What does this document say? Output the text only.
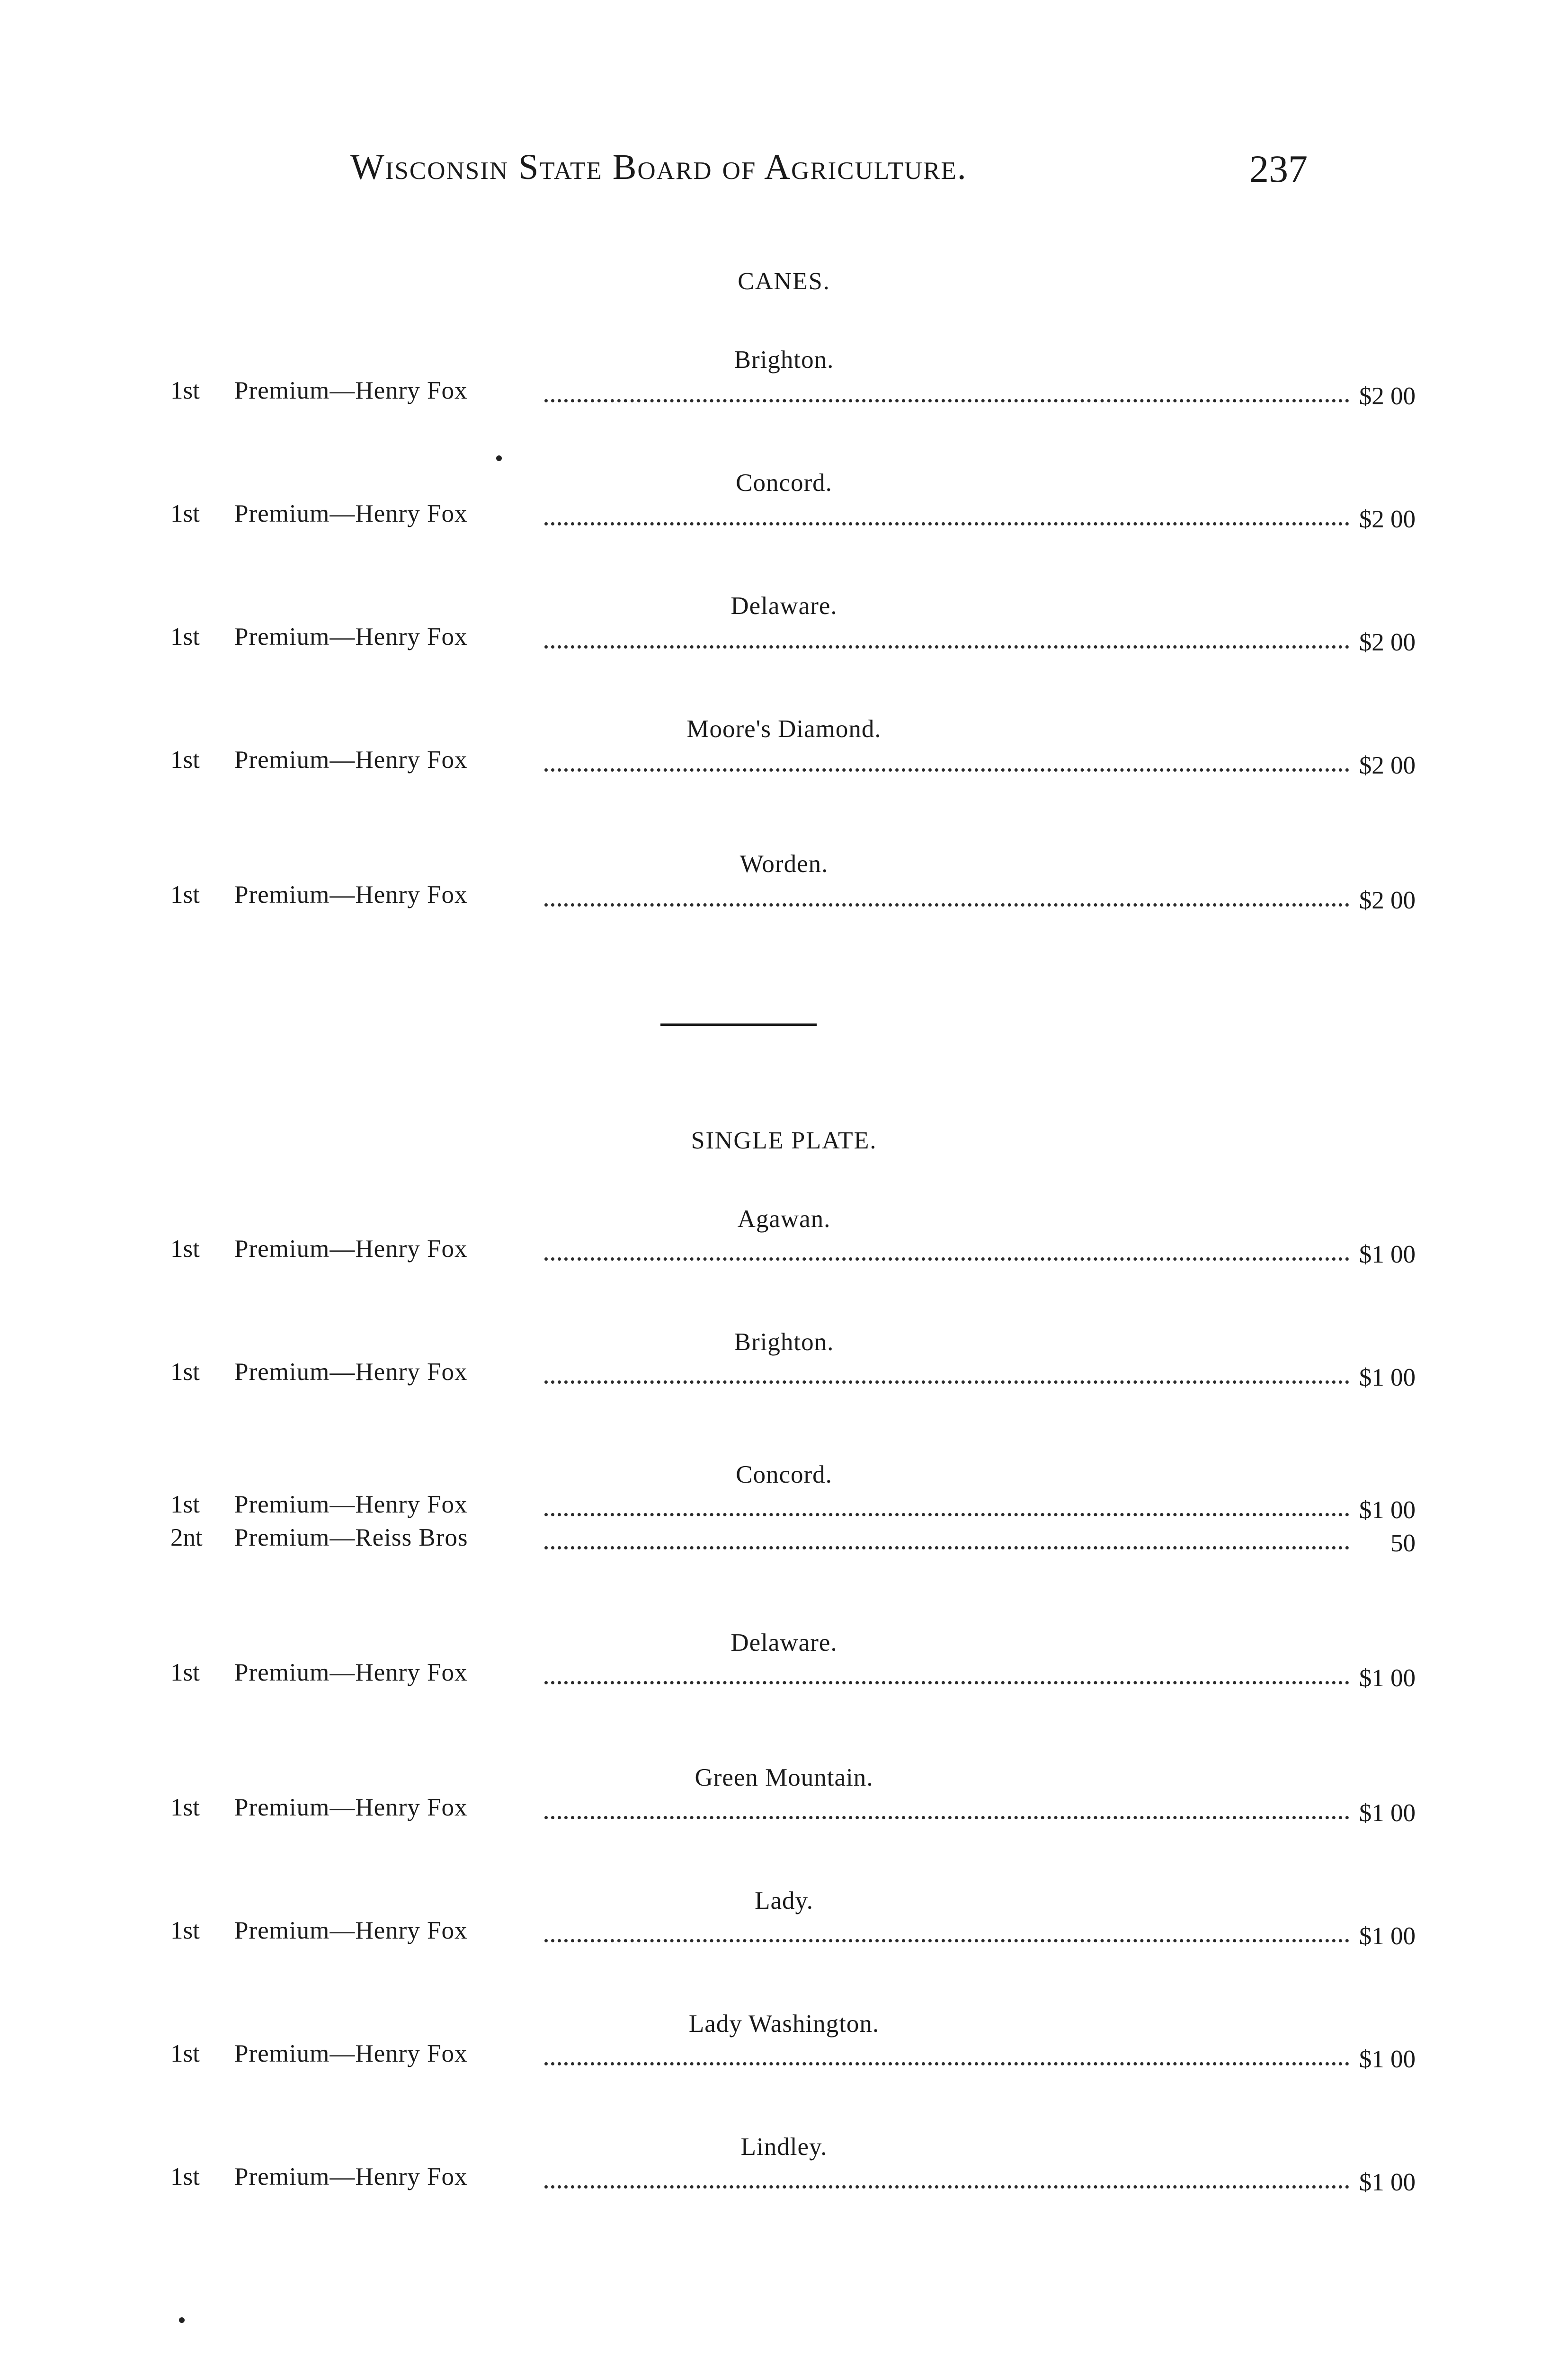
Wisconsin State Board of Agriculture.	237
CANES.
Brighton.
1st Premium—Henry Fox	$2 00
Concord.
1st Premium—Henry Fox	$2 00
Delaware.
1st Premium—Henry Fox	$2 00
Moore's Diamond.
1st Premium—Henry Fox	$2 00
Worden.
1st Premium—Henry Fox	$2 00
SINGLE PLATE.
Agawan.
1st Premium—Henry Fox	$1 00
Brighton.
1st Premium—Henry Fox	$1 00
Concord.
1st Premium—Henry Fox	$1 00
2nt Premium—Reiss Bros	50
Delaware.
1st Premium—Henry Fox	$1 00
Green Mountain.
1st Premium—Henry Fox	$1 00
Lady.
1st Premium—Henry Fox	$1 00
Lady Washington.
1st Premium—Henry Fox	$1 00
Lindley.
1st Premium—Henry Fox	$1 00
